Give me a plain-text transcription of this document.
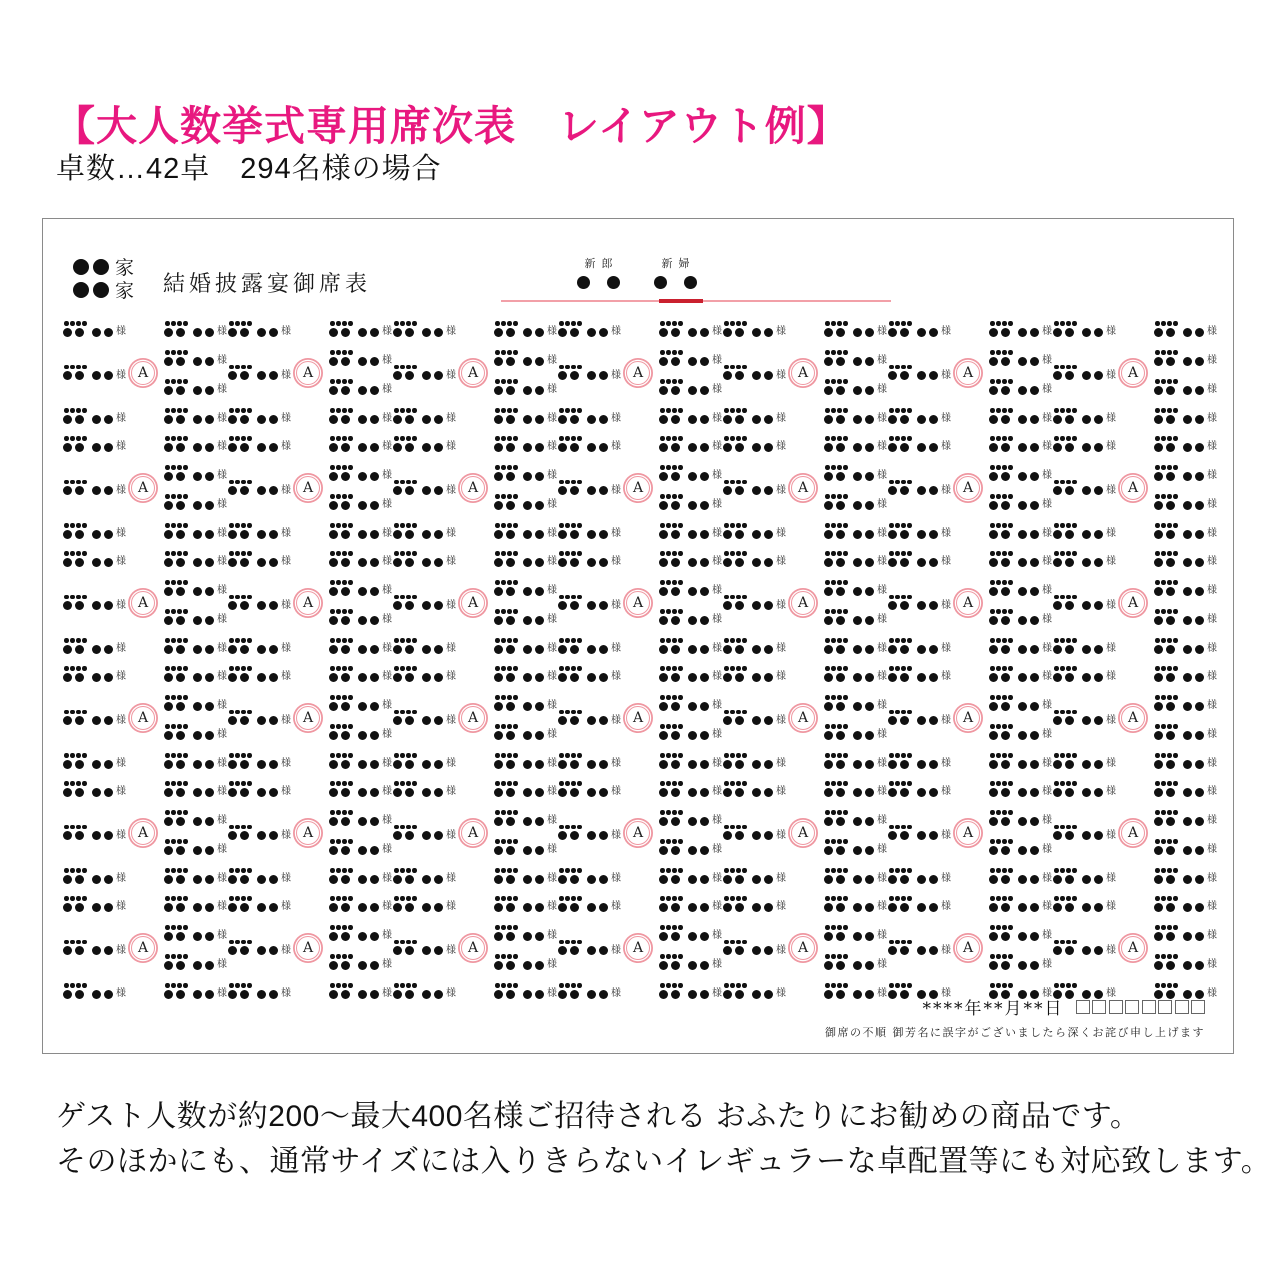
【大人数挙式専用席次表　レイアウト例】
卓数…42卓　294名様の場合
家
家 結婚披露宴御席表
新郎	新婦
様
様
様
A
様
様
様
様
様
様
様
A
様
様
様
様
様
様
様
A
様
様
様
様
様
様
様
A
様
様
様
様
様
様
様
A
様
様
様
様
様
様
様
A
様
様
様
様
様
様
様
A
様
様
様
様
様
様
様
A
様
様
様
様
様
様
様
A
様
様
様
様
様
様
様
A
様
様
様
様
様
様
様
A
様
様
様
様
様
様
様
A
様
様
様
様
様
様
様
A
様
様
様
様
様
様
様
A
様
様
様
様
様
様
様
A
様
様
様
様
様
様
様
A
様
様
様
様
様
様
様
A
様
様
様
様
様
様
様
A
様
様
様
様
様
様
様
A
様
様
様
様
様
様
様
A
様
様
様
様
様
様
様
A
様
様
様
様
様
様
様
A
様
様
様
様
様
様
様
A
様
様
様
様
様
様
様
A
様
様
様
様
様
様
様
A
様
様
様
様
様
様
様
A
様
様
様
様
様
様
様
A
様
様
様
様
様
様
様
A
様
様
様
様
様
様
様
A
様
様
様
様
様
様
様
A
様
様
様
様
様
様
様
A
様
様
様
様
様
様
様
A
様
様
様
様
様
様
様
A
様
様
様
様
様
様
様
A
様
様
様
様
様
様
様
A
様
様
様
様
様
様
様
A
様
様
様
様
様
様
様
A
様
様
様
様
様
様
様
A
様
様
様
様
様
様
様
A
様
様
様
様
様
様
様
A
様
様
様
様
様
様
様
A
様
様
様
様
様
様
様
A
様
様
様
様
****年**月**日
御席の不順 御芳名に誤字がございましたら深くお詫び申し上げます
ゲスト人数が約200〜最大400名様ご招待される おふたりにお勧めの商品です。
そのほかにも、通常サイズには入りきらないイレギュラーな卓配置等にも対応致します。
